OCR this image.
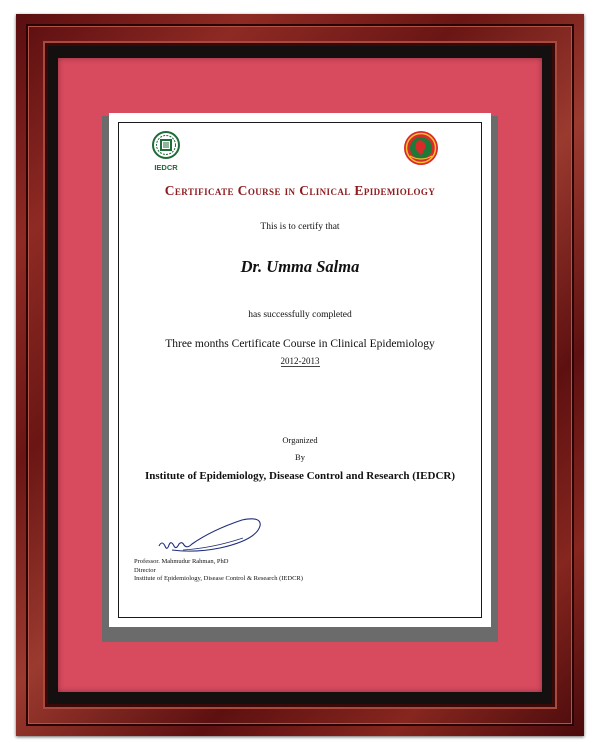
IEDCR
Certificate Course in Clinical Epidemiology
This is to certify that
Dr. Umma Salma
has successfully completed
Three months Certificate Course in Clinical Epidemiology
2012-2013
Organized
By
Institute of Epidemiology, Disease Control and Research (IEDCR)
Professor. Mahmudur Rahman, PhD
Director
Institute of Epidemiology, Disease Control & Research (IEDCR)
